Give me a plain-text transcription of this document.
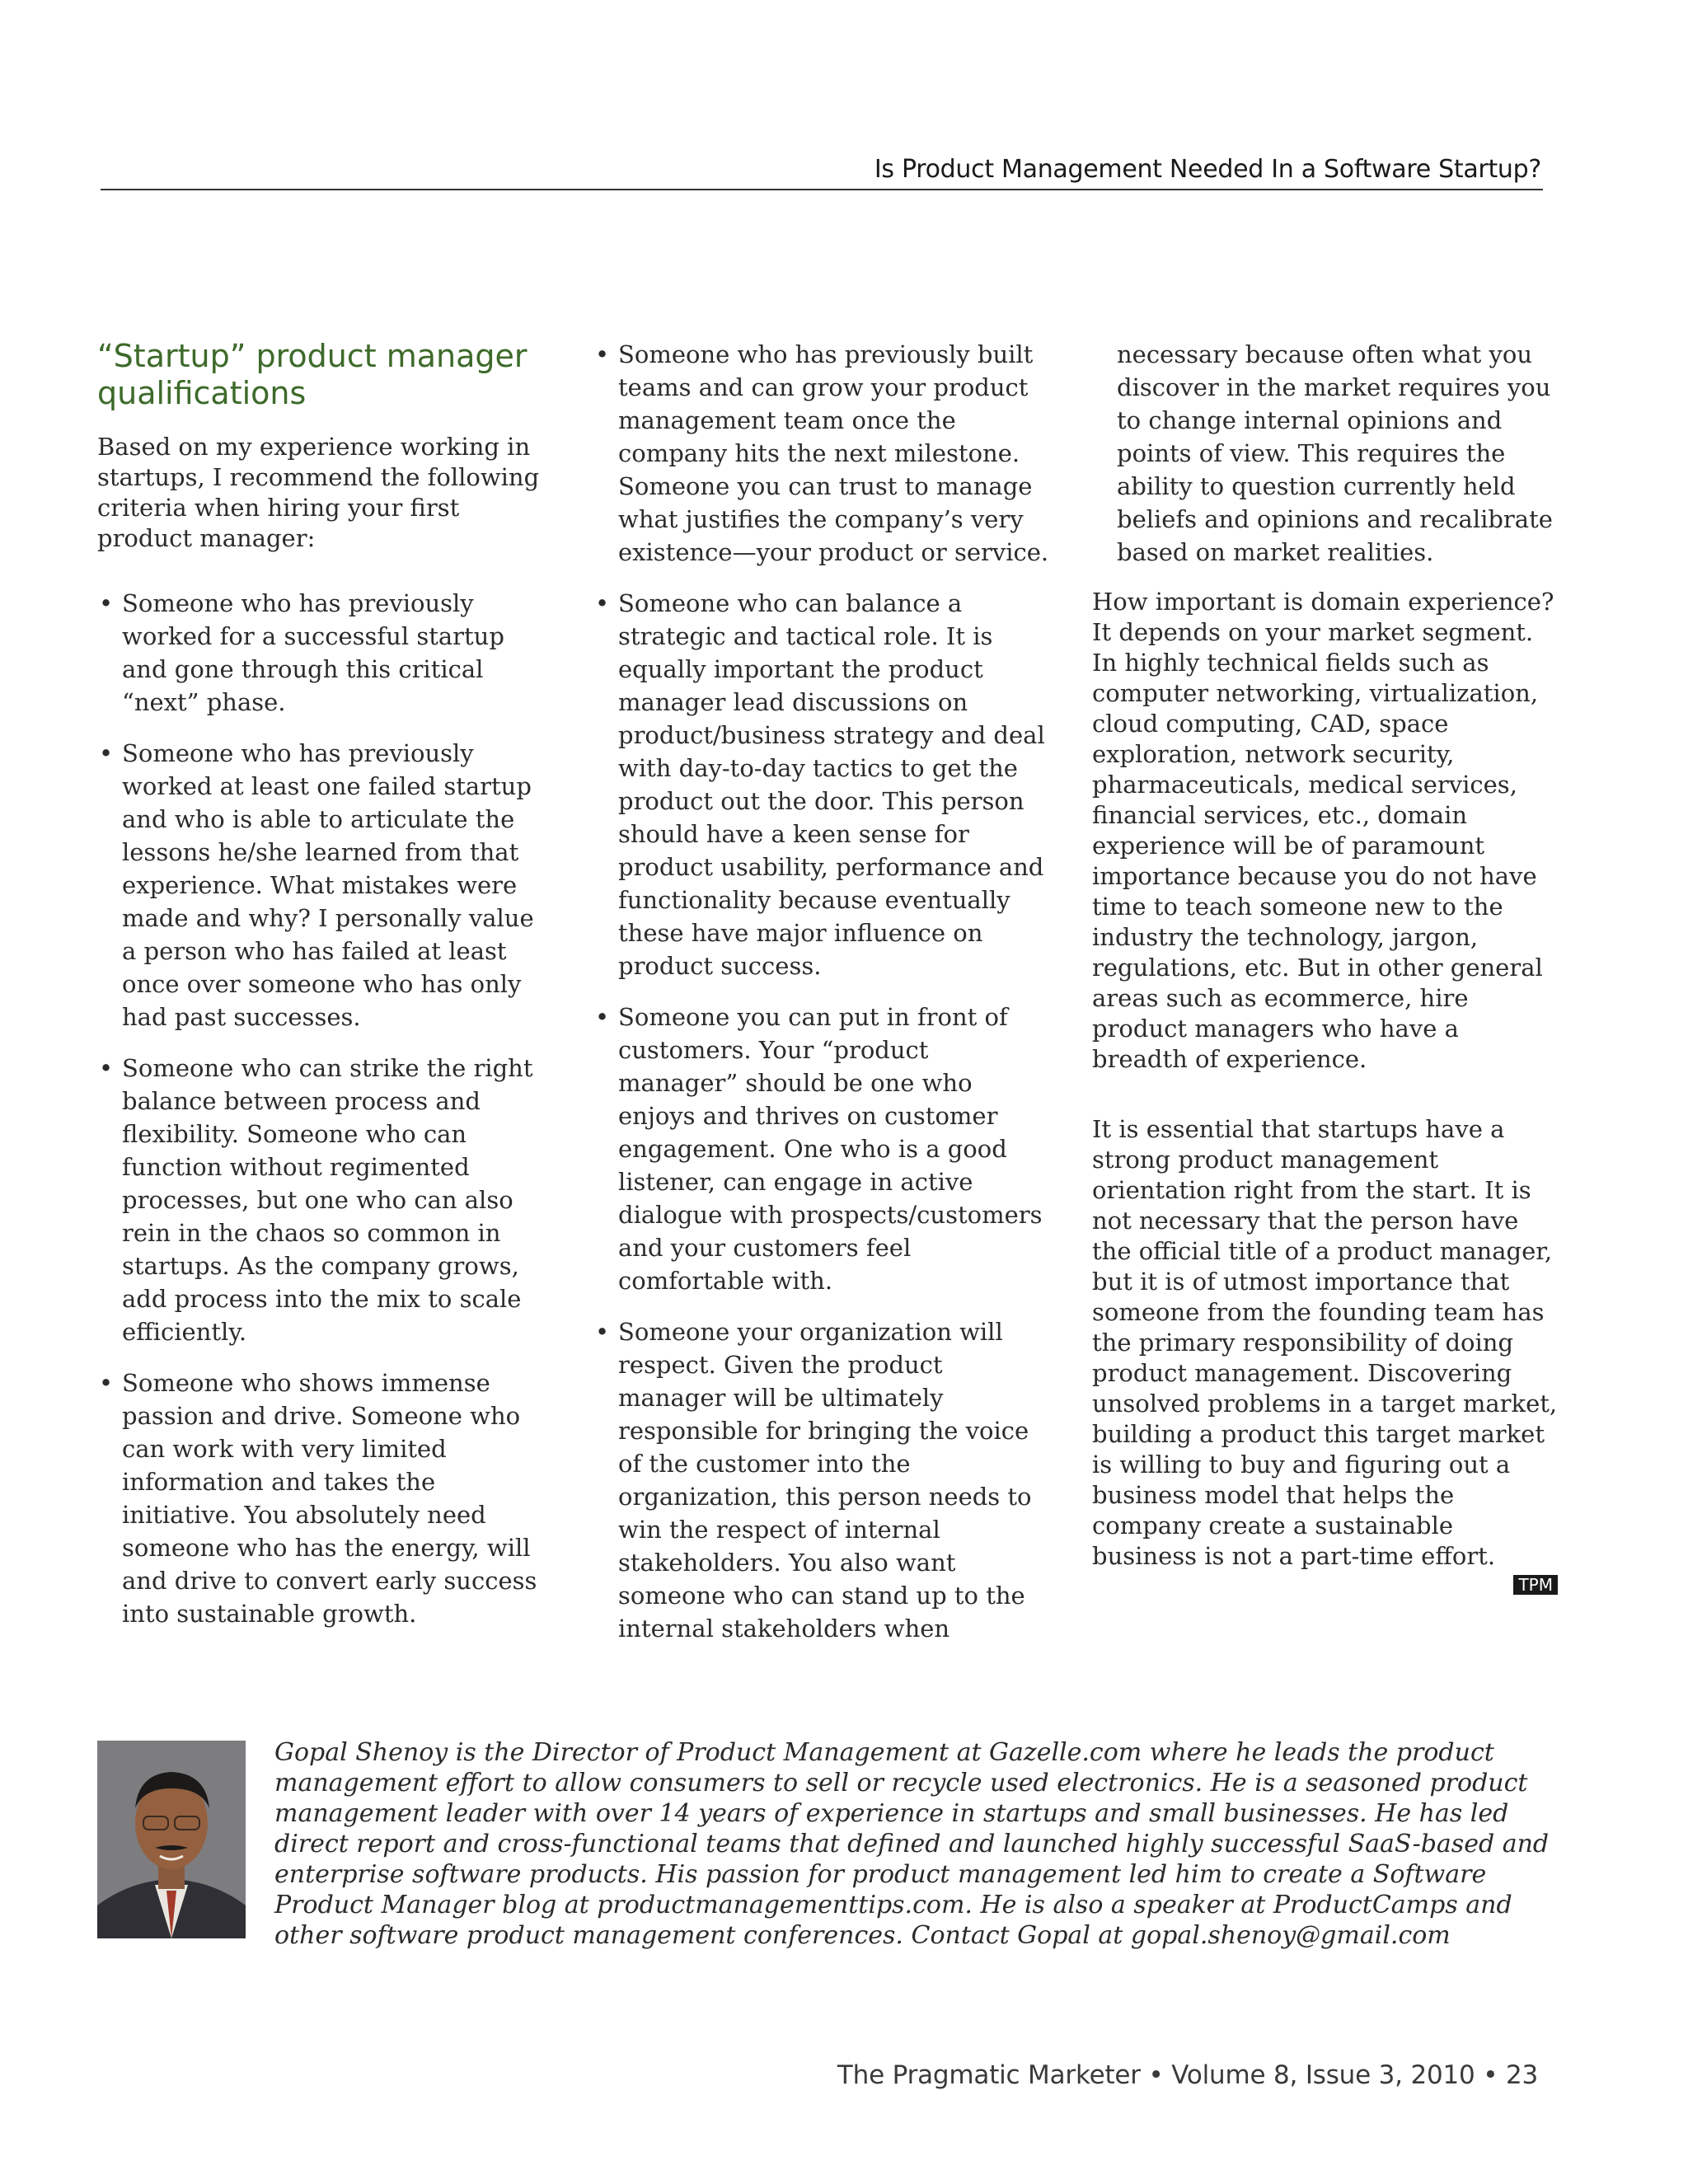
Is Product Management Needed In a Software Startup?
“Startup” product manager qualifications

Based on my experience working in startups, I recommend the following criteria when hiring your first product manager:

• Someone who has previously worked for a successful startup and gone through this critical “next” phase.
• Someone who has previously worked at least one failed startup and who is able to articulate the lessons he/she learned from that experience. What mistakes were made and why? I personally value a person who has failed at least once over someone who has only had past successes.
• Someone who can strike the right balance between process and flexibility. Someone who can function without regimented processes, but one who can also rein in the chaos so common in startups. As the company grows, add process into the mix to scale efficiently.
• Someone who shows immense passion and drive. Someone who can work with very limited information and takes the initiative. You absolutely need someone who has the energy, will and drive to convert early success into sustainable growth.
• Someone who has previously built teams and can grow your product management team once the company hits the next milestone. Someone you can trust to manage what justifies the company’s very existence—your product or service.
• Someone who can balance a strategic and tactical role. It is equally important the product manager lead discussions on product/business strategy and deal with day-to-day tactics to get the product out the door. This person should have a keen sense for product usability, performance and functionality because eventually these have major influence on product success.
• Someone you can put in front of customers. Your “product manager” should be one who enjoys and thrives on customer engagement. One who is a good listener, can engage in active dialogue with prospects/customers and your customers feel comfortable with.
• Someone your organization will respect. Given the product manager will be ultimately responsible for bringing the voice of the customer into the organization, this person needs to win the respect of internal stakeholders. You also want someone who can stand up to the internal stakeholders when
necessary because often what you discover in the market requires you to change internal opinions and points of view. This requires the ability to question currently held beliefs and opinions and recalibrate based on market realities.

How important is domain experience? It depends on your market segment. In highly technical fields such as computer networking, virtualization, cloud computing, CAD, space exploration, network security, pharmaceuticals, medical services, financial services, etc., domain experience will be of paramount importance because you do not have time to teach someone new to the industry the technology, jargon, regulations, etc. But in other general areas such as ecommerce, hire product managers who have a breadth of experience.

It is essential that startups have a strong product management orientation right from the start. It is not necessary that the person have the official title of a product manager, but it is of utmost importance that someone from the founding team has the primary responsibility of doing product management. Discovering unsolved problems in a target market, building a product this target market is willing to buy and figuring out a business model that helps the company create a sustainable business is not a part-time effort.

TPM
Gopal Shenoy is the Director of Product Management at Gazelle.com where he leads the product management effort to allow consumers to sell or recycle used electronics. He is a seasoned product management leader with over 14 years of experience in startups and small businesses. He has led direct report and cross-functional teams that defined and launched highly successful SaaS-based and enterprise software products. His passion for product management led him to create a Software Product Manager blog at productmanagementtips.com. He is also a speaker at ProductCamps and other software product management conferences. Contact Gopal at gopal.shenoy@gmail.com
The Pragmatic Marketer • Volume 8, Issue 3, 2010 • 23
